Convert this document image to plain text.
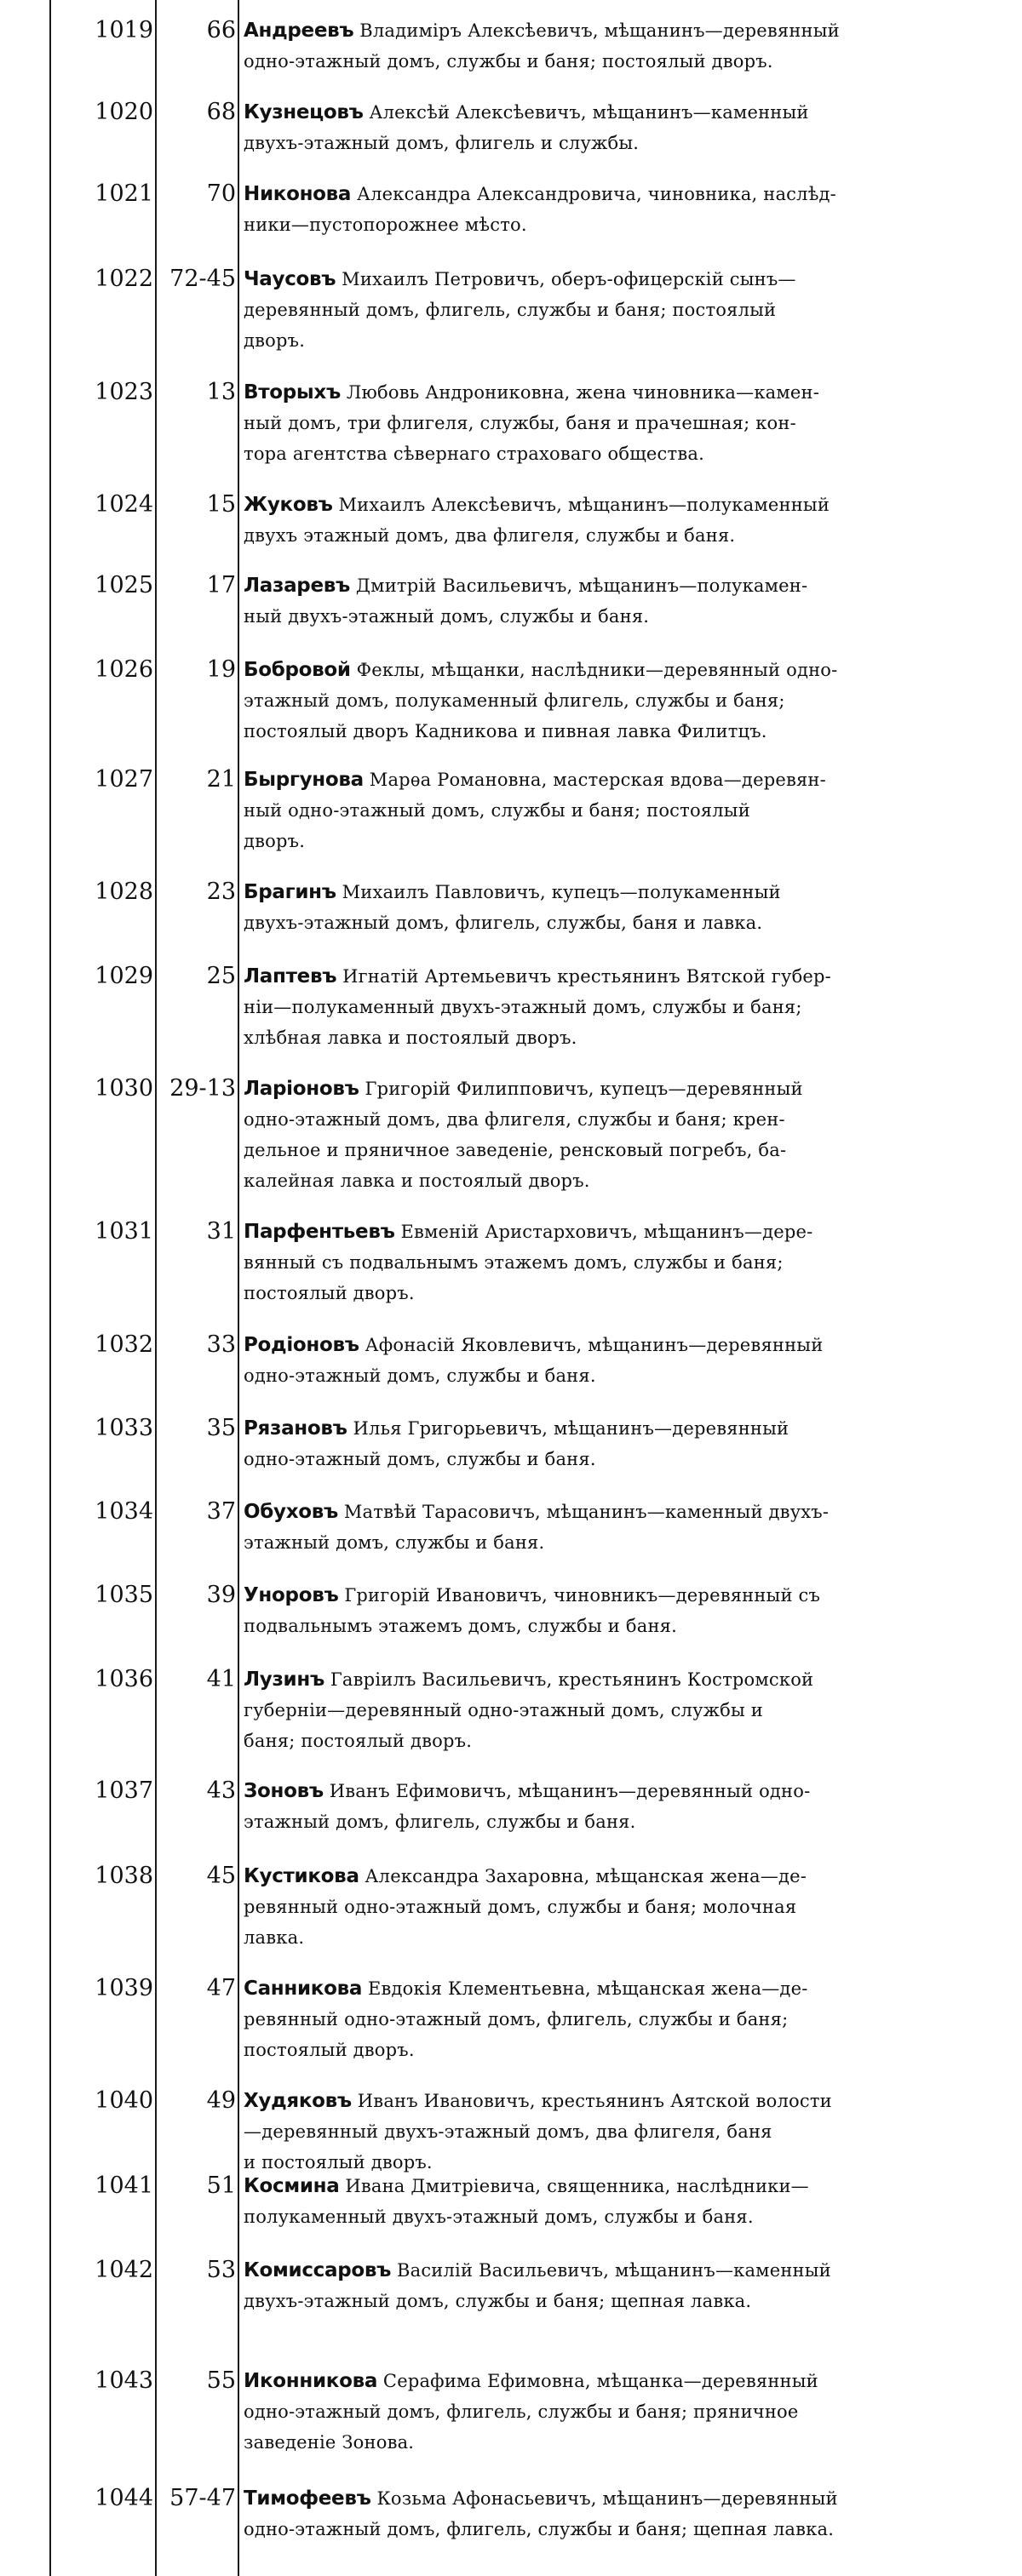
1019	66 Андреевъ Владиміръ Алексѣевичъ, мѣщанинъ—деревянный
одно-этажный домъ, службы и баня; постоялый дворъ.
1020	68 Кузнецовъ Алексѣй Алексѣевичъ, мѣщанинъ—каменный
двухъ-этажный домъ, флигель и службы.
1021	70 Никонова Александра Александровича, чиновника, наслѣд-
ники—пустопорожнее мѣсто.
1022 72-45 Чаусовъ Михаилъ Петровичъ, оберъ-офицерскій сынъ—
деревянный домъ, флигель, службы и баня; постоялый
дворъ.
1023	13 Вторыхъ Любовь Андрониковна, жена чиновника—камен-
ный домъ, три флигеля, службы, баня и прачешная; кон-
тора агентства сѣвернаго страховаго общества.
1024	15 Жуковъ Михаилъ Алексѣевичъ, мѣщанинъ—полукаменный
двухъ этажный домъ, два флигеля, службы и баня.
1025	17 Лазаревъ Дмитрій Васильевичъ, мѣщанинъ—полукамен-
ный двухъ-этажный домъ, службы и баня.
1026	19 Бобровой Феклы, мѣщанки, наслѣдники—деревянный одно-
этажный домъ, полукаменный флигель, службы и баня;
постоялый дворъ Кадникова и пивная лавка Филитцъ.
1027	21 Быргунова Марѳа Романовна, мастерская вдова—деревян-
ный одно-этажный домъ, службы и баня; постоялый
дворъ.
1028	23 Брагинъ Михаилъ Павловичъ, купецъ—полукаменный
двухъ-этажный домъ, флигель, службы, баня и лавка.
1029	25 Лаптевъ Игнатій Артемьевичъ крестьянинъ Вятской губер-
ніи—полукаменный двухъ-этажный домъ, службы и баня;
хлѣбная лавка и постоялый дворъ.
1030 29-13 Ларіоновъ Григорій Филипповичъ, купецъ—деревянный
одно-этажный домъ, два флигеля, службы и баня; крен-
дельное и пряничное заведеніе, ренсковый погребъ, ба-
калейная лавка и постоялый дворъ.
1031	31 Парфентьевъ Евменій Аристарховичъ, мѣщанинъ—дере-
вянный съ подвальнымъ этажемъ домъ, службы и баня;
постоялый дворъ.
1032	33 Родіоновъ Афонасій Яковлевичъ, мѣщанинъ—деревянный
одно-этажный домъ, службы и баня.
1033	35 Рязановъ Илья Григорьевичъ, мѣщанинъ—деревянный
одно-этажный домъ, службы и баня.
1034	37 Обуховъ Матвѣй Тарасовичъ, мѣщанинъ—каменный двухъ-
этажный домъ, службы и баня.
1035	39 Уноровъ Григорій Ивановичъ, чиновникъ—деревянный съ
подвальнымъ этажемъ домъ, службы и баня.
1036	41 Лузинъ Гавріилъ Васильевичъ, крестьянинъ Костромской
губерніи—деревянный одно-этажный домъ, службы и
баня; постоялый дворъ.
1037	43 Зоновъ Иванъ Ефимовичъ, мѣщанинъ—деревянный одно-
этажный домъ, флигель, службы и баня.
1038	45 Кустикова Александра Захаровна, мѣщанская жена—де-
ревянный одно-этажный домъ, службы и баня; молочная
лавка.
1039	47 Санникова Евдокія Клементьевна, мѣщанская жена—де-
ревянный одно-этажный домъ, флигель, службы и баня;
постоялый дворъ.
1040	49 Худяковъ Иванъ Ивановичъ, крестьянинъ Аятской волости
—деревянный двухъ-этажный домъ, два флигеля, баня
и постоялый дворъ.
1041	51 Космина Ивана Дмитріевича, священника, наслѣдники—
полукаменный двухъ-этажный домъ, службы и баня.
1042	53 Комиссаровъ Василій Васильевичъ, мѣщанинъ—каменный
двухъ-этажный домъ, службы и баня; щепная лавка.
1043	55 Иконникова Серафима Ефимовна, мѣщанка—деревянный
одно-этажный домъ, флигель, службы и баня; пряничное
заведеніе Зонова.
1044 57-47 Тимофеевъ Козьма Афонасьевичъ, мѣщанинъ—деревянный
одно-этажный домъ, флигель, службы и баня; щепная лавка.
